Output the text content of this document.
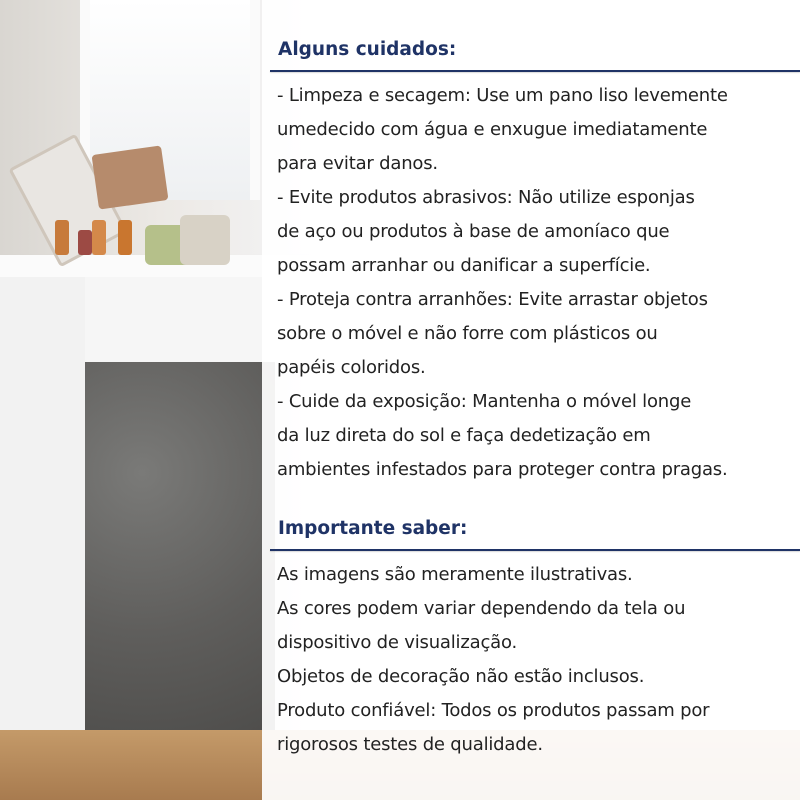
Alguns cuidados:
- Limpeza e secagem: Use um pano liso levemente
umedecido com água e enxugue imediatamente
para evitar danos.
- Evite produtos abrasivos: Não utilize esponjas
de aço ou produtos à base de amoníaco que
possam arranhar ou danificar a superfície.
- Proteja contra arranhões: Evite arrastar objetos
sobre o móvel e não forre com plásticos ou
papéis coloridos.
- Cuide da exposição: Mantenha o móvel longe
da luz direta do sol e faça dedetização em
ambientes infestados para proteger contra pragas.
Importante saber:
As imagens são meramente ilustrativas.
As cores podem variar dependendo da tela ou
dispositivo de visualização.
Objetos de decoração não estão inclusos.
Produto confiável: Todos os produtos passam por
rigorosos testes de qualidade.
